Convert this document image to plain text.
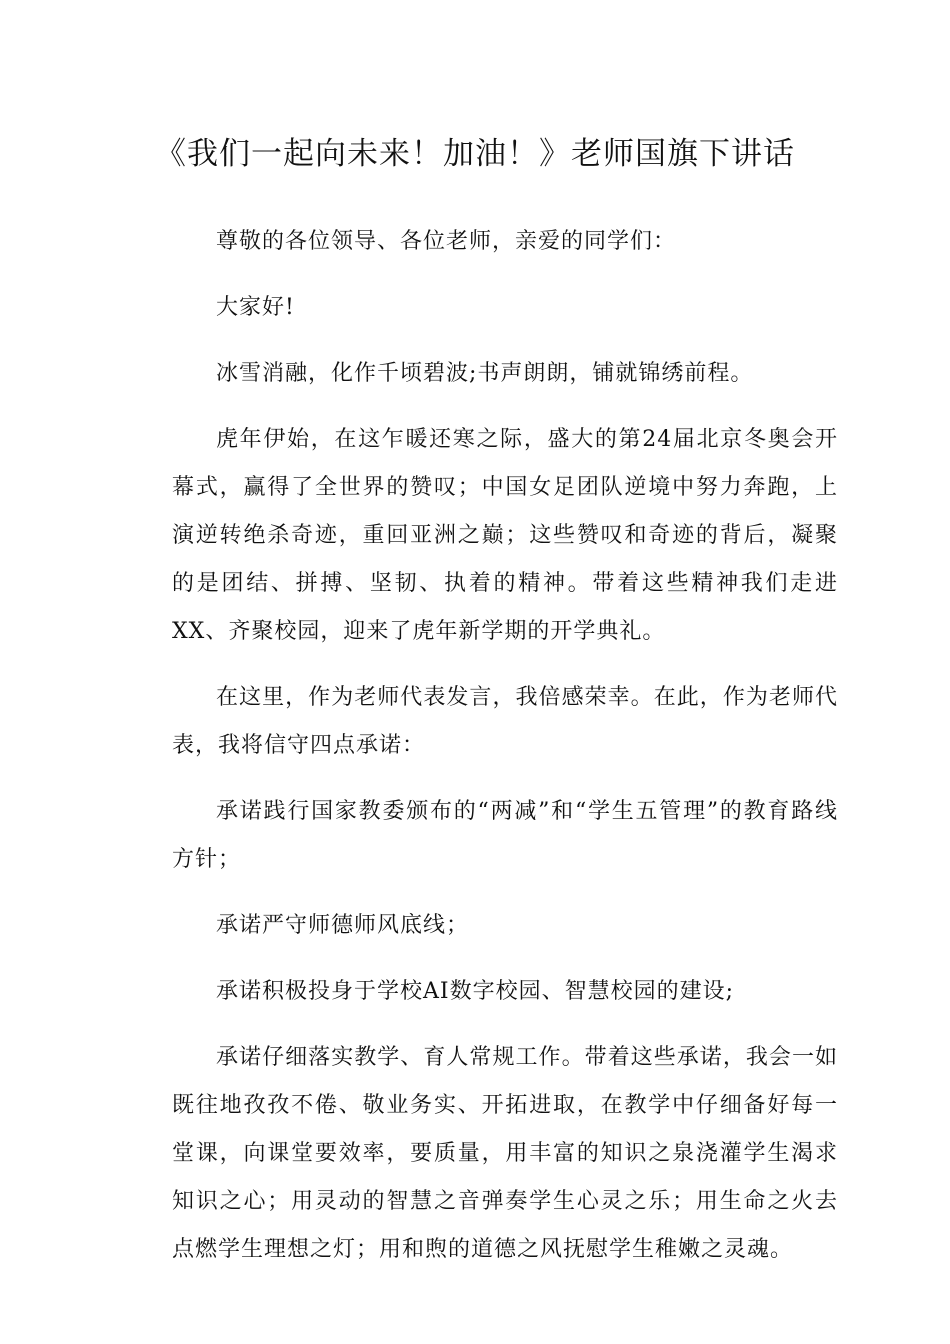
《我们一起向未来！加油！》老师国旗下讲话

尊敬的各位领导、各位老师，亲爱的同学们：

大家好!

冰雪消融，化作千顷碧波;书声朗朗，铺就锦绣前程。

虎年伊始，在这乍暖还寒之际，盛大的第24届北京冬奥会开幕式，赢得了全世界的赞叹；中国女足团队逆境中努力奔跑，上演逆转绝杀奇迹，重回亚洲之巅；这些赞叹和奇迹的背后，凝聚的是团结、拼搏、坚韧、执着的精神。带着这些精神我们走进XX、齐聚校园，迎来了虎年新学期的开学典礼。

在这里，作为老师代表发言，我倍感荣幸。在此，作为老师代表，我将信守四点承诺：

承诺践行国家教委颁布的“两减”和“学生五管理”的教育路线方针；

承诺严守师德师风底线；

承诺积极投身于学校AI数字校园、智慧校园的建设;

承诺仔细落实教学、育人常规工作。带着这些承诺，我会一如既往地孜孜不倦、敬业务实、开拓进取，在教学中仔细备好每一堂课，向课堂要效率，要质量，用丰富的知识之泉浇灌学生渴求知识之心；用灵动的智慧之音弹奏学生心灵之乐；用生命之火去点燃学生理想之灯；用和煦的道德之风抚慰学生稚嫩之灵魂。
